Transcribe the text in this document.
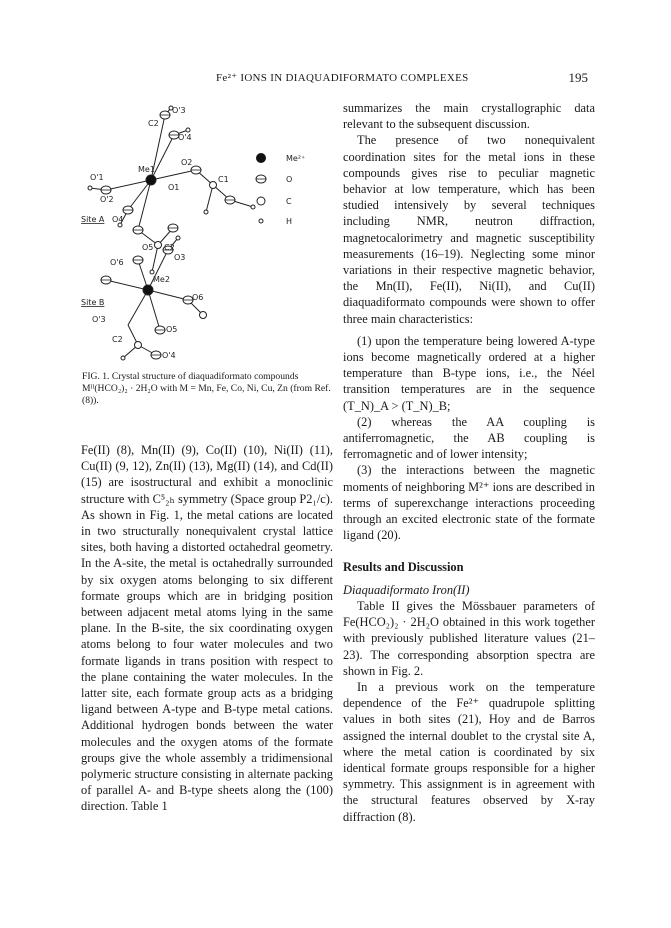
Fe²⁺ IONS IN DIAQUADIFORMATO COMPLEXES	195
O'3
C2
O'4
Me1
O2
O'1	C1
O'2
O1
O4
C2
O3
O'6
O5
Me2
O6
O'3
O5
C2
O'4
Site A
Site B
Me²⁺
O
C
H
FIG. 1. Crystal structure of diaquadiformato compounds Mᴵᴵ(HCO₂)₂ · 2H₂O with M = Mn, Fe, Co, Ni, Cu, Zn (from Ref. (8)).

Fe(II) (8), Mn(II) (9), Co(II) (10), Ni(II) (11), Cu(II) (9, 12), Zn(II) (13), Mg(II) (14), and Cd(II) (15) are isostructural and exhibit a monoclinic structure with C⁵₂ₕ symmetry (Space group P2₁/c). As shown in Fig. 1, the metal cations are located in two structurally nonequivalent crystal lattice sites, both having a distorted octahedral geometry. In the A-site, the metal is octahedrally surrounded by six oxygen atoms belonging to six different formate groups which are in bridging position between adjacent metal atoms lying in the same plane. In the B-site, the six coordinating oxygen atoms belong to four water molecules and two formate ligands in trans position with respect to the plane containing the water molecules. In the latter site, each formate group acts as a bridging ligand between A-type and B-type metal cations. Additional hydrogen bonds between the water molecules and the oxygen atoms of the formate groups give the whole assembly a tridimensional polymeric structure consisting in alternate packing of parallel A- and B-type sheets along the (100) direction. Table 1

summarizes the main crystallographic data relevant to the subsequent discussion.

The presence of two nonequivalent coordination sites for the metal ions in these compounds gives rise to peculiar magnetic behavior at low temperature, which has been studied intensively by several techniques including NMR, neutron diffraction, magnetocalorimetry and magnetic susceptibility measurements (16–19). Neglecting some minor variations in their respective magnetic behavior, the Mn(II), Fe(II), Ni(II), and Cu(II) diaquadiformato compounds were shown to offer three main characteristics:

(1) upon the temperature being lowered A-type ions become magnetically ordered at a higher temperature than B-type ions, i.e., the Néel transition temperatures are in the sequence (T_N)_A > (T_N)_B;

(2) whereas the AA coupling is antiferromagnetic, the AB coupling is ferromagnetic and of lower intensity;

(3) the interactions between the magnetic moments of neighboring M²⁺ ions are described in terms of superexchange interactions proceeding through an excited electronic state of the formate ligand (20).

Results and Discussion

Diaquadiformato Iron(II)

Table II gives the Mössbauer parameters of Fe(HCO₂)₂ · 2H₂O obtained in this work together with previously published literature values (21–23). The corresponding absorption spectra are shown in Fig. 2.

In a previous work on the temperature dependence of the Fe²⁺ quadrupole splitting values in both sites (21), Hoy and de Barros assigned the internal doublet to the crystal site A, where the metal cation is coordinated by six identical formate groups responsible for a higher symmetry. This assignment is in agreement with the structural features observed by X-ray diffraction (8).
